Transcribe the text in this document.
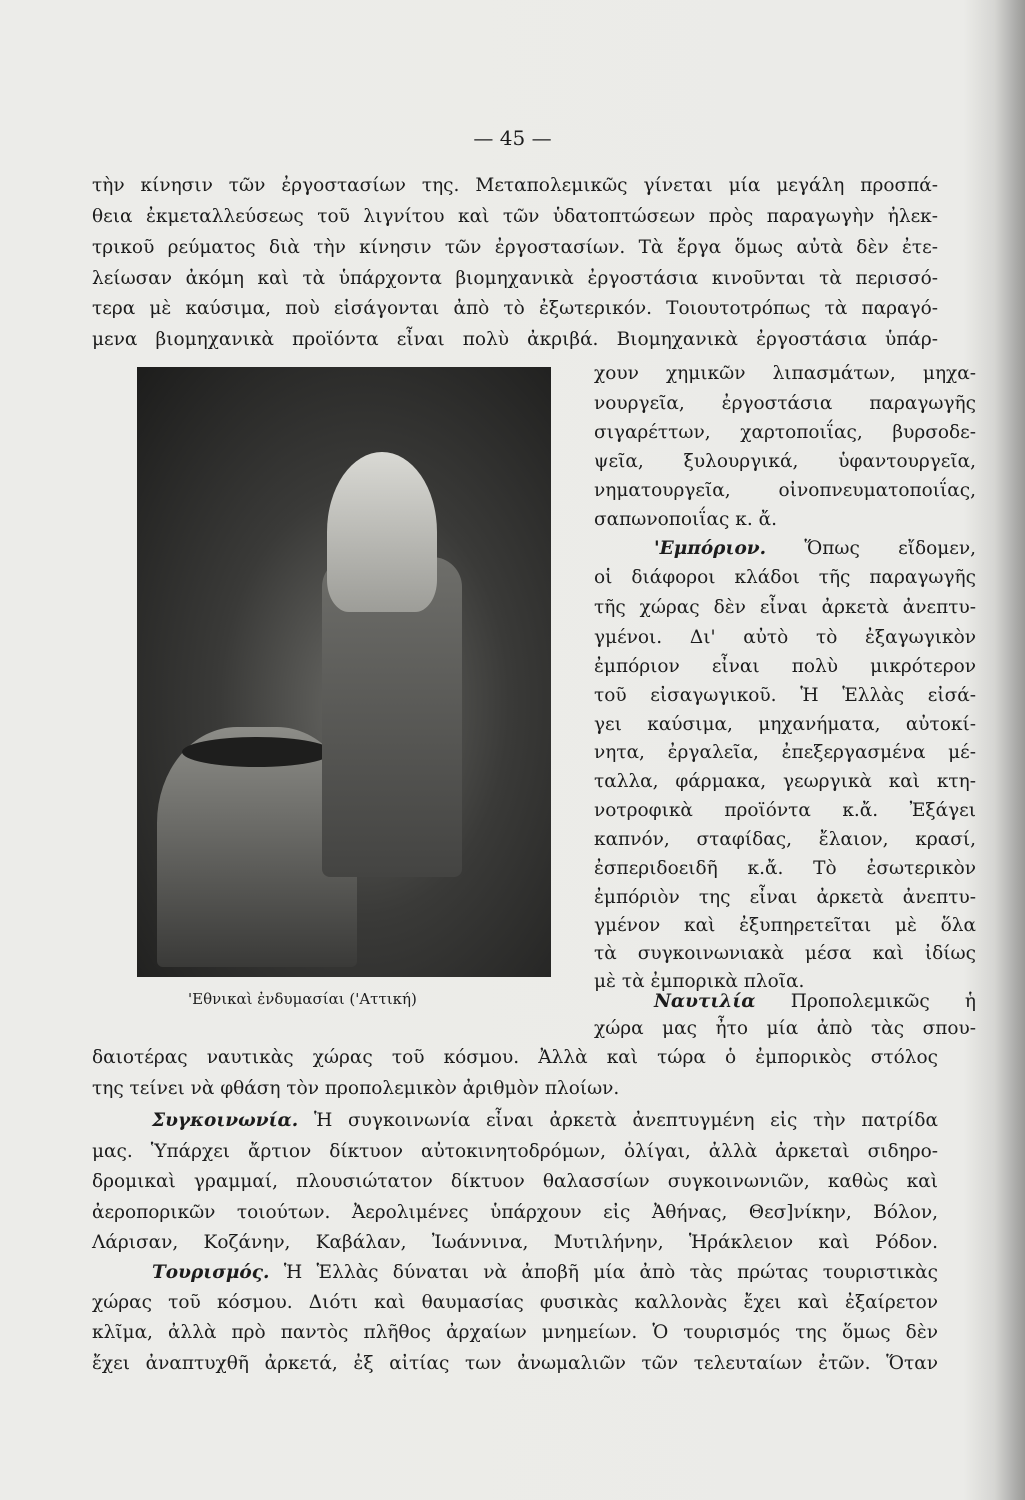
— 45 —
τὴν κίνησιν τῶν ἐργοστασίων της. Μεταπολεμικῶς γίνεται μία μεγάλη προσπά-
θεια ἐκμεταλλεύσεως τοῦ λιγνίτου καὶ τῶν ὑδατοπτώσεων πρὸς παραγωγὴν ἠλεκ-
τρικοῦ ρεύματος διὰ τὴν κίνησιν τῶν ἐργοστασίων. Τὰ ἔργα ὅμως αὐτὰ δὲν ἐτε-
λείωσαν ἀκόμη καὶ τὰ ὑπάρχοντα βιομηχανικὰ ἐργοστάσια κινοῦνται τὰ περισσό-
τερα μὲ καύσιμα, ποὺ εἰσάγονται ἀπὸ τὸ ἐξωτερικόν. Τοιουτοτρόπως τὰ παραγό-
μενα βιομηχανικὰ προϊόντα εἶναι πολὺ ἀκριβά. Βιομηχανικὰ ἐργοστάσια ὑπάρ-
'Εθνικαὶ ἐνδυμασίαι ('Αττική)
χουν χημικῶν λιπασμάτων, μηχα-
νουργεῖα, ἐργοστάσια παραγωγῆς
σιγαρέττων, χαρτοποιΐας, βυρσοδε-
ψεῖα, ξυλουργικά, ὑφαντουργεῖα,
νηματουργεῖα, οἰνοπνευματοποιΐας,
σαπωνοποιΐας κ. ἄ.
'Εμπόριον. Ὅπως εἴδομεν,
οἱ διάφοροι κλάδοι τῆς παραγωγῆς
τῆς χώρας δὲν εἶναι ἀρκετὰ ἀνεπτυ-
γμένοι. Δι' αὐτὸ τὸ ἐξαγωγικὸν
ἐμπόριον εἶναι πολὺ μικρότερον
τοῦ εἰσαγωγικοῦ. Ἡ Ἑλλὰς εἰσά-
γει καύσιμα, μηχανήματα, αὐτοκί-
νητα, ἐργαλεῖα, ἐπεξεργασμένα μέ-
ταλλα, φάρμακα, γεωργικὰ καὶ κτη-
νοτροφικὰ προϊόντα κ.ἄ. Ἐξάγει
καπνόν, σταφίδας, ἔλαιον, κρασί,
ἐσπεριδοειδῆ κ.ἄ. Τὸ ἐσωτερικὸν
ἐμπόριὸν της εἶναι ἀρκετὰ ἀνεπτυ-
γμένον καὶ ἐξυπηρετεῖται μὲ ὅλα
τὰ συγκοινωνιακὰ μέσα καὶ ἰδίως
μὲ τὰ ἐμπορικὰ πλοῖα.
Ναυτιλία Προπολεμικῶς ἡ
χώρα μας ἦτο μία ἀπὸ τὰς σπου-
δαιοτέρας ναυτικὰς χώρας τοῦ κόσμου. Ἀλλὰ καὶ τώρα ὁ ἐμπορικὸς στόλος
της τείνει νὰ φθάση τὸν προπολεμικὸν ἀριθμὸν πλοίων.
Συγκοινωνία. Ἡ συγκοινωνία εἶναι ἀρκετὰ ἀνεπτυγμένη εἰς τὴν πατρίδα
μας. Ὑπάρχει ἄρτιον δίκτυον αὐτοκινητοδρόμων, ὀλίγαι, ἀλλὰ ἀρκεταὶ σιδηρο-
δρομικαὶ γραμμαί, πλουσιώτατον δίκτυον θαλασσίων συγκοινωνιῶν, καθὼς καὶ
ἀεροπορικῶν τοιούτων. Ἀερολιμένες ὑπάρχουν εἰς Ἀθήνας, Θεσ]νίκην, Βόλον,
Λάρισαν, Κοζάνην, Καβάλαν, Ἰωάννινα, Μυτιλήνην, Ἡράκλειον καὶ Ρόδον.
Τουρισμός. Ἡ Ἑλλὰς δύναται νὰ ἀποβῆ μία ἀπὸ τὰς πρώτας τουριστικὰς
χώρας τοῦ κόσμου. Διότι καὶ θαυμασίας φυσικὰς καλλονὰς ἔχει καὶ ἐξαίρετον
κλῖμα, ἀλλὰ πρὸ παντὸς πλῆθος ἀρχαίων μνημείων. Ὁ τουρισμός της ὅμως δὲν
ἔχει ἀναπτυχθῆ ἀρκετά, ἐξ αἰτίας των ἀνωμαλιῶν τῶν τελευταίων ἐτῶν. Ὅταν
